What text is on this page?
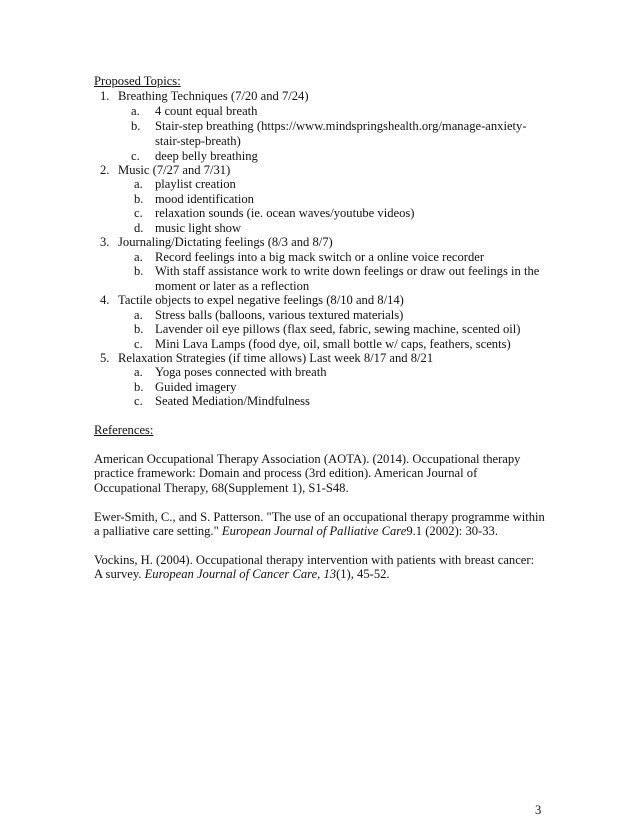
Proposed Topics:
1. Breathing Techniques (7/20 and 7/24)
a. 4 count equal breath
b. Stair-step breathing (https://www.mindspringshealth.org/manage-anxiety-
stair-step-breath)
c. deep belly breathing
2. Music (7/27 and 7/31)
a. playlist creation
b. mood identification
c. relaxation sounds (ie. ocean waves/youtube videos)
d. music light show
3. Journaling/Dictating feelings (8/3 and 8/7)
a. Record feelings into a big mack switch or a online voice recorder
b. With staff assistance work to write down feelings or draw out feelings in the
moment or later as a reflection
4. Tactile objects to expel negative feelings (8/10 and 8/14)
a. Stress balls (balloons, various textured materials)
b. Lavender oil eye pillows (flax seed, fabric, sewing machine, scented oil)
c. Mini Lava Lamps (food dye, oil, small bottle w/ caps, feathers, scents)
5. Relaxation Strategies (if time allows) Last week 8/17 and 8/21
a. Yoga poses connected with breath
b. Guided imagery
c. Seated Mediation/Mindfulness
References:
American Occupational Therapy Association (AOTA). (2014). Occupational therapy
practice framework: Domain and process (3rd edition). American Journal of
Occupational Therapy, 68(Supplement 1), S1-S48.
Ewer-Smith, C., and S. Patterson. "The use of an occupational therapy programme within
a palliative care setting." European Journal of Palliative Care9.1 (2002): 30-33.
Vockins, H. (2004). Occupational therapy intervention with patients with breast cancer:
A survey. European Journal of Cancer Care, 13(1), 45-52.
3
